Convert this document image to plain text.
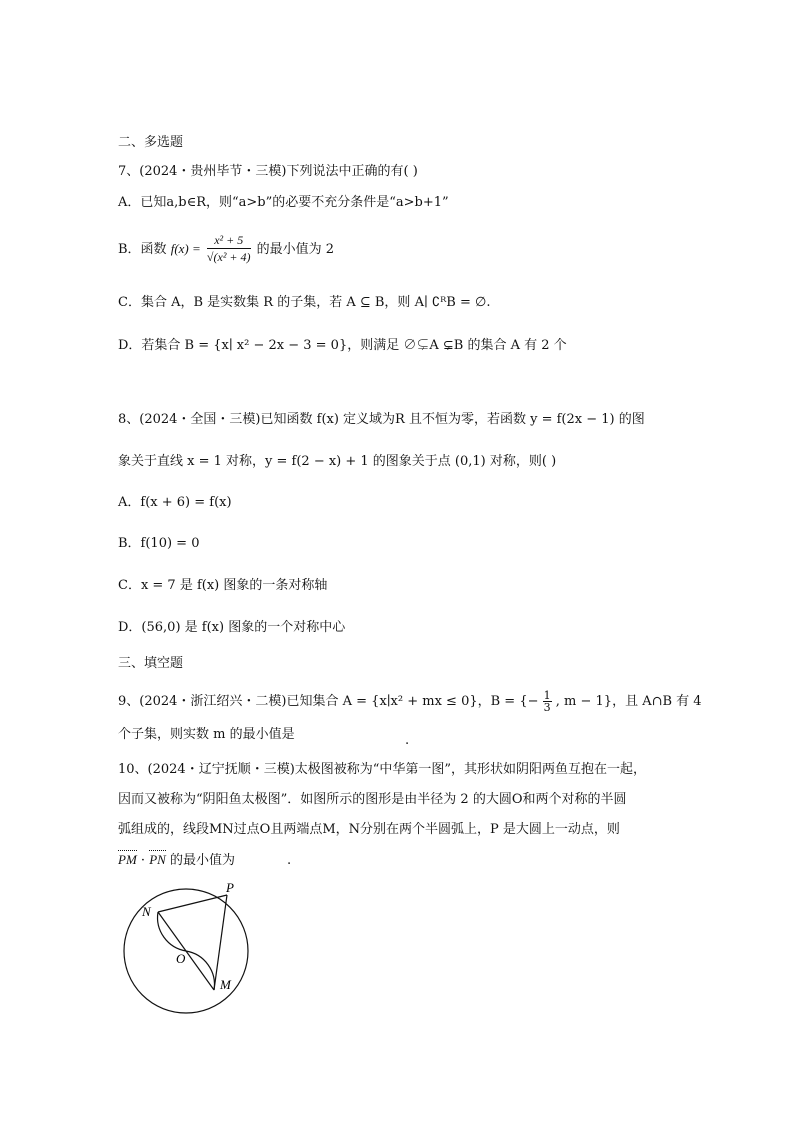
二、多选题
7、(2024・贵州毕节・三模)下列说法中正确的有( )
A．已知a,b∈R，则“a>b”的必要不充分条件是“a>b+1”
B．函数 $f(x) = \frac{\text{x² + 5}}{\text{√(x² + 4)}}$ 的最小值为 2
C．集合 A，B 是实数集 R 的子集，若 A ⊆ B，则 A∣ ∁ᴿB = ∅.
D．若集合 B = {x∣ x² − 2x − 3 = 0}，则满足 ∅⊊A ⊊B 的集合 A 有 2 个
8、(2024・全国・三模)已知函数 f(x) 定义域为R 且不恒为零，若函数 y = f(2x − 1) 的图
象关于直线 x = 1 对称，y = f(2 − x) + 1 的图象关于点 (0,1) 对称，则( )
A．f(x + 6) = f(x)
B．f(10) = 0
C．x = 7 是 f(x) 图象的一条对称轴
D．(56,0) 是 f(x) 图象的一个对称中心
三、填空题
9、(2024・浙江绍兴・二模)已知集合 A = {x∣x² + mx ≤ 0}，B = {− $\frac{1}{3}$ , m − 1}，且 A∩B 有 4
个子集，则实数 m 的最小值是	.
10、(2024・辽宁抚顺・三模)太极图被称为“中华第一图”，其形状如阴阳两鱼互抱在一起，
因而又被称为“阴阳鱼太极图”．如图所示的图形是由半径为 2 的大圆O和两个对称的半圆
弧组成的，线段MN过点O且两端点M，N分别在两个半圆弧上，P 是大圆上一动点，则
PM · PN 的最小值为	.
P
N
O
M
